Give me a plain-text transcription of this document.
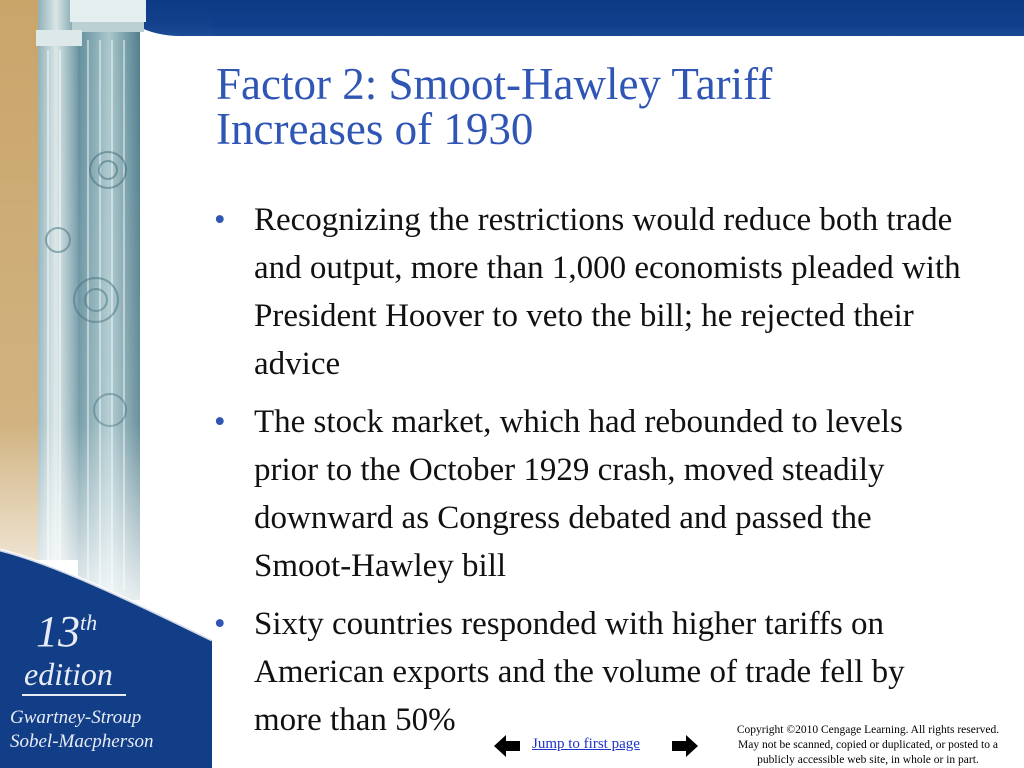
13th
edition
Gwartney-Stroup
Sobel-Macpherson
Factor 2: Smoot-Hawley Tariff
Increases of 1930
• Recognizing the restrictions would reduce both trade and output, more than 1,000 economists pleaded with President Hoover to veto the bill; he rejected their advice
• The stock market, which had rebounded to levels prior to the October 1929 crash, moved steadily downward as Congress debated and passed the Smoot-Hawley bill
• Sixty countries responded with higher tariffs on American exports and the volume of trade fell by more than 50%
Jump to first page
Copyright ©2010 Cengage Learning. All rights reserved.
May not be scanned, copied or duplicated, or posted to a
publicly accessible web site, in whole or in part.
